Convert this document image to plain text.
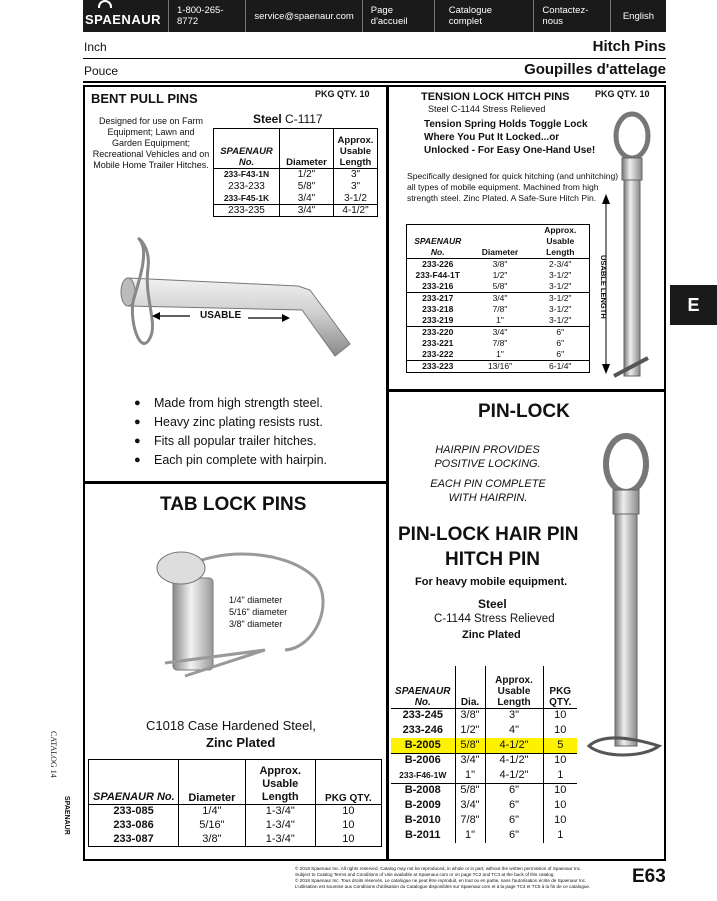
SPAENAUR
1-800-265-8772	service@spaenaur.com	Page d'accueil
Catalogue complet
Contactez-nous	English
Inch	Hitch Pins
Pouce	Goupilles d'attelage
BENT PULL PINS	PKG QTY. 10
Designed for use on Farm Equipment; Lawn and Garden Equipment; Recreational Vehicles and on Mobile Home Trailer Hitches.
Steel C-1117
SPAENAUR No.	Diameter	Approx. Usable Length
233-F43-1N	1/2"	3"
233-233	5/8"	3"
233-F45-1K	3/4"	3-1/2
233-235	3/4"	4-1/2"
USABLE
● Made from high strength steel.
● Heavy zinc plating resists rust.
● Fits all popular trailer hitches.
● Each pin complete with hairpin.
TENSION LOCK HITCH PINS	PKG QTY. 10
Steel C-1144 Stress Relieved
Tension Spring Holds Toggle Lock Where You Put It Locked...or Unlocked - For Easy One-Hand Use!
Specifically designed for quick hitching (and unhitching) all types of mobile equipment. Machined from high strength steel. Zinc Plated. A Safe-Sure Hitch Pin.
SPAENAUR No.	Diameter	Approx. Usable Length
233-226	3/8"	2-3/4"
233-F44-1T	1/2"	3-1/2"
233-216	5/8"	3-1/2"
233-217	3/4"	3-1/2"
233-218	7/8"	3-1/2"
233-219	1"	3-1/2"
233-220	3/4"	6"
233-221	7/8"	6"
233-222	1"	6"
233-223	13/16"	6-1/4"
USABLE LENGTH
TAB LOCK PINS
1/4" diameter
5/16" diameter
3/8" diameter
C1018 Case Hardened Steel,
Zinc Plated
SPAENAUR No.	Diameter	Approx. Usable Length	PKG QTY.
233-085	1/4"	1-3/4"	10
233-086	5/16"	1-3/4"	10
233-087	3/8"	1-3/4"	10
PIN-LOCK
HAIRPIN PROVIDES POSITIVE LOCKING.
EACH PIN COMPLETE WITH HAIRPIN.
PIN-LOCK HAIR PIN
HITCH PIN
For heavy mobile equipment.
Steel
C-1144 Stress Relieved
Zinc Plated
SPAENAUR No.	Dia.	Approx. Usable Length	PKG QTY.
233-245	3/8"	3"	10
233-246	1/2"	4"	10
B-2005	5/8"	4-1/2"	5
B-2006	3/4"	4-1/2"	10
233-F46-1W	1"	4-1/2"	1
B-2008	5/8"	6"	10
B-2009	3/4"	6"	10
B-2010	7/8"	6"	10
B-2011	1"	6"	1
E
CATALOG 14
SPAENAUR
© 2018 Spaenaur Inc. All rights reserved. Catalog may not be reproduced, in whole or in part, without the written permission of Spaenaur Inc.
Subject to Catalog Terms and Conditions of Use available at Spaenaur.com or on page TC2 and TC3 at the back of this catalog.
© 2018 Spaenaur Inc. Tous droits réservés. Le catalogue ne peut être reproduit, en tout ou en partie, sans l'autorisation écrite de Spaenaur Inc.
L'utilisation est soumise aux Conditions d'utilisation du Catalogue disponibles sur Spaenaur.com et à la page TC4 et TC5 à la fin de ce catalogue.	E63
